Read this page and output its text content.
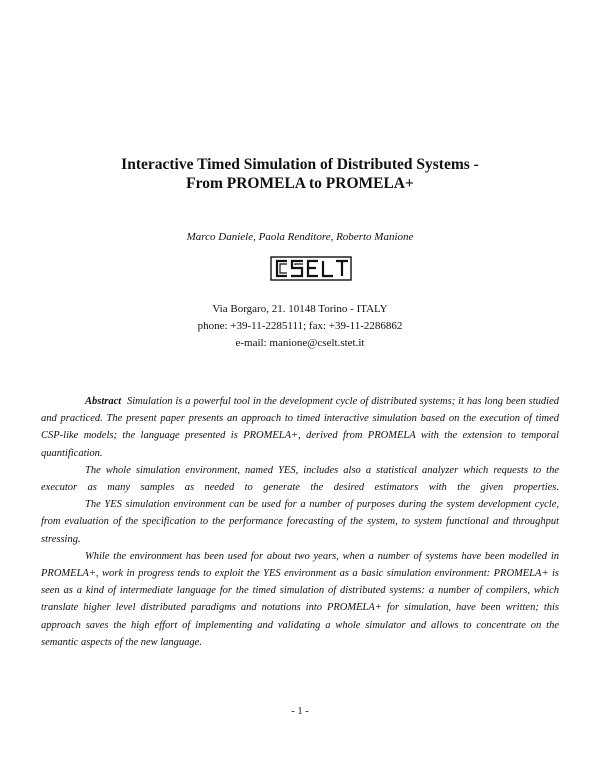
Interactive Timed Simulation of Distributed Systems -
From PROMELA to PROMELA+
Marco Daniele, Paola Renditore, Roberto Manione
CSELT
Via Borgaro, 21. 10148 Torino - ITALY
phone: +39-11-2285111; fax: +39-11-2286862
e-mail: manione@cselt.stet.it

Abstract Simulation is a powerful tool in the development cycle of distributed systems; it has long been studied and practiced. The present paper presents an approach to timed interactive simulation based on the execution of timed CSP-like models; the language presented is PROMELA+, derived from PROMELA with the extension to temporal quantification.

The whole simulation environment, named YES, includes also a statistical analyzer which requests to the executor as many samples as needed to generate the desired estimators with the given properties.

The YES simulation environment can be used for a number of purposes during the system development cycle, from evaluation of the specification to the performance forecasting of the system, to system functional and throughput stressing.

While the environment has been used for about two years, when a number of systems have been modelled in PROMELA+, work in progress tends to exploit the YES environment as a basic simulation environment: PROMELA+ is seen as a kind of intermediate language for the timed simulation of distributed systems: a number of compilers, which translate higher level distributed paradigms and notations into PROMELA+ for simulation, have been written; this approach saves the high effort of implementing and validating a whole simulator and allows to concentrate on the semantic aspects of the new language.

- 1 -
